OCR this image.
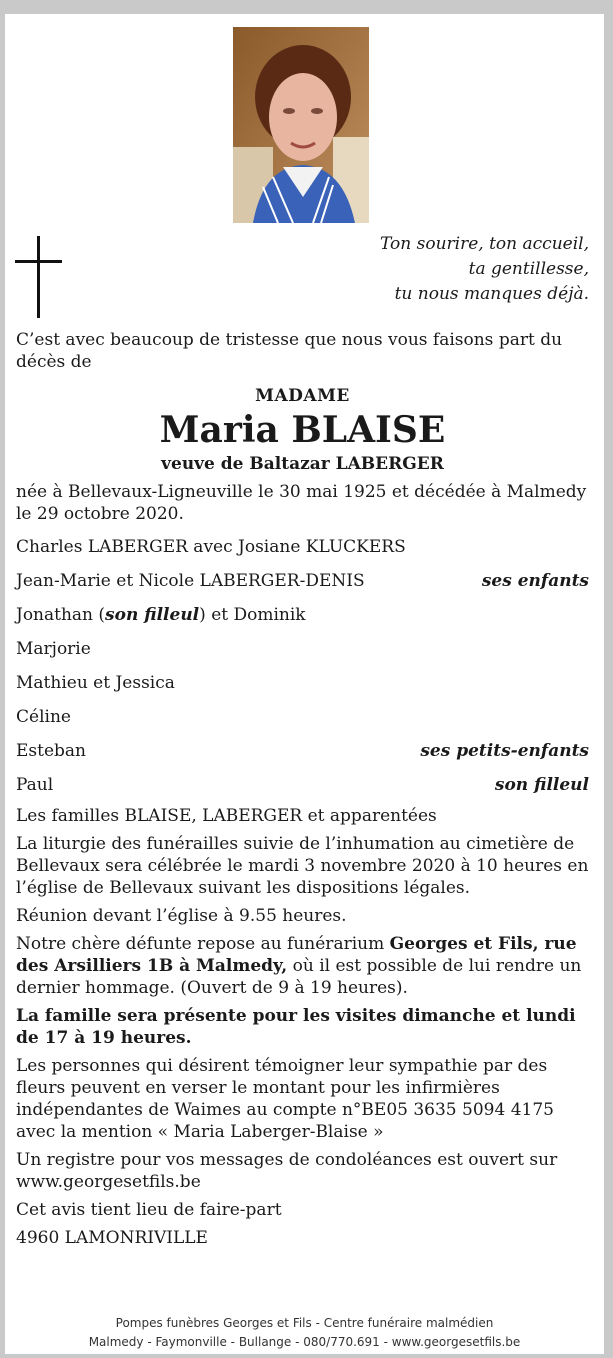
Ton sourire, ton accueil,
ta gentillesse,
tu nous manques déjà.

C’est avec beaucoup de tristesse que nous vous faisons part du décès de

MADAME
Maria BLAISE
veuve de Baltazar LABERGER

née à Bellevaux-Ligneuville le 30 mai 1925 et décédée à Malmedy le 29 octobre 2020.

Charles LABERGER avec Josiane KLUCKERS
Jean-Marie et Nicole LABERGER-DENIS	ses enfants
Jonathan (son filleul) et Dominik
Marjorie
Mathieu et Jessica
Céline
Esteban	ses petits-enfants
Paul	son filleul

Les familles BLAISE, LABERGER et apparentées

La liturgie des funérailles suivie de l’inhumation au cimetière de Bellevaux sera célébrée le mardi 3 novembre 2020 à 10 heures en l’église de Bellevaux suivant les dispositions légales.

Réunion devant l’église à 9.55 heures.

Notre chère défunte repose au funérarium Georges et Fils, rue des Arsilliers 1B à Malmedy, où il est possible de lui rendre un dernier hommage. (Ouvert de 9 à 19 heures).

La famille sera présente pour les visites dimanche et lundi de 17 à 19 heures.

Les personnes qui désirent témoigner leur sympathie par des fleurs peuvent en verser le montant pour les infirmières indépendantes de Waimes au compte n°BE05 3635 5094 4175 avec la mention « Maria Laberger-Blaise »

Un registre pour vos messages de condoléances est ouvert sur www.georgesetfils.be

Cet avis tient lieu de faire-part

4960 LAMONRIVILLE

Pompes funèbres Georges et Fils - Centre funéraire malmédien
Malmedy - Faymonville - Bullange - 080/770.691 - www.georgesetfils.be
